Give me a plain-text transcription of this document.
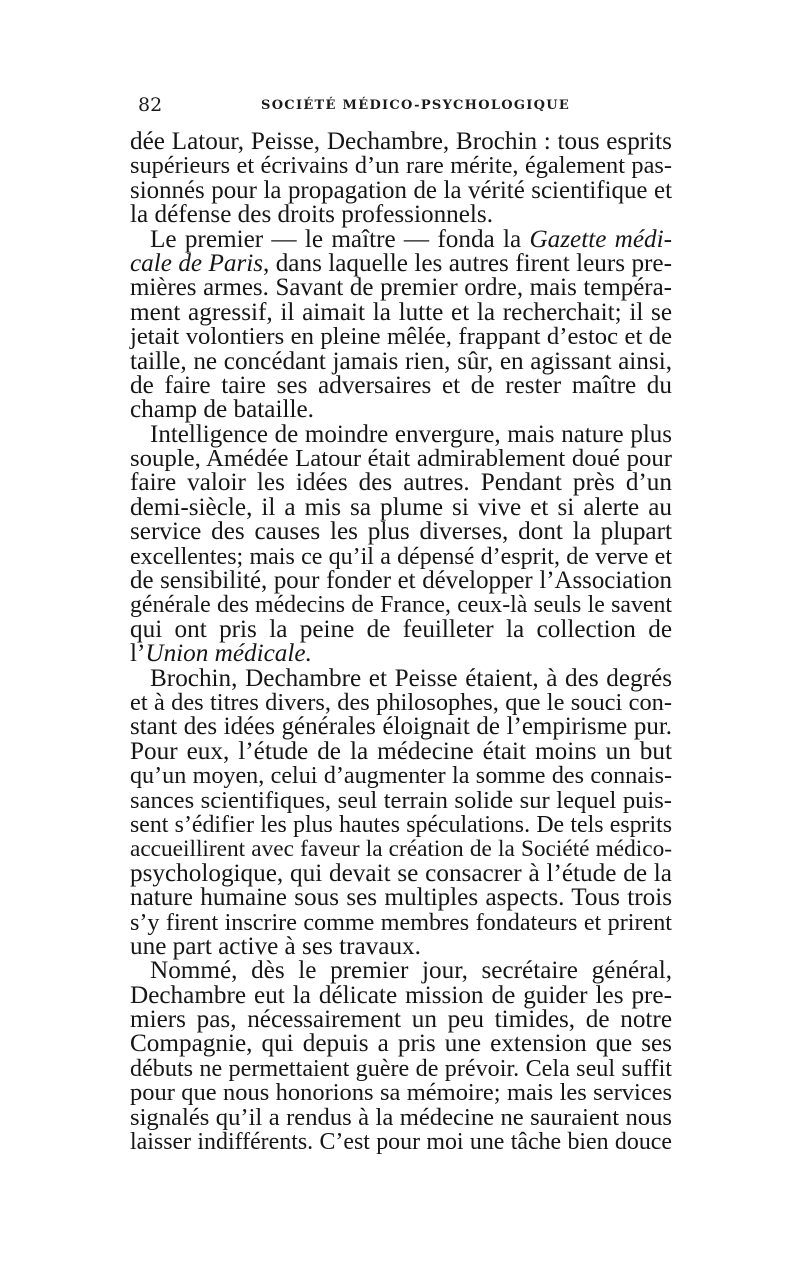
82	SOCIÉTÉ MÉDICO-PSYCHOLOGIQUE
dée Latour, Peisse, Dechambre, Brochin : tous esprits
supérieurs et écrivains d’un rare mérite, également pas-
sionnés pour la propagation de la vérité scientifique et
la défense des droits professionnels.
Le premier — le maître — fonda la Gazette médi-
cale de Paris, dans laquelle les autres firent leurs pre-
mières armes. Savant de premier ordre, mais tempéra-
ment agressif, il aimait la lutte et la recherchait; il se
jetait volontiers en pleine mêlée, frappant d’estoc et de
taille, ne concédant jamais rien, sûr, en agissant ainsi,
de faire taire ses adversaires et de rester maître du
champ de bataille.
Intelligence de moindre envergure, mais nature plus
souple, Amédée Latour était admirablement doué pour
faire valoir les idées des autres. Pendant près d’un
demi-siècle, il a mis sa plume si vive et si alerte au
service des causes les plus diverses, dont la plupart
excellentes; mais ce qu’il a dépensé d’esprit, de verve et
de sensibilité, pour fonder et développer l’Association
générale des médecins de France, ceux-là seuls le savent
qui ont pris la peine de feuilleter la collection de
l’Union médicale.
Brochin, Dechambre et Peisse étaient, à des degrés
et à des titres divers, des philosophes, que le souci con-
stant des idées générales éloignait de l’empirisme pur.
Pour eux, l’étude de la médecine était moins un but
qu’un moyen, celui d’augmenter la somme des connais-
sances scientifiques, seul terrain solide sur lequel puis-
sent s’édifier les plus hautes spéculations. De tels esprits
accueillirent avec faveur la création de la Société médico-
psychologique, qui devait se consacrer à l’étude de la
nature humaine sous ses multiples aspects. Tous trois
s’y firent inscrire comme membres fondateurs et prirent
une part active à ses travaux.
Nommé, dès le premier jour, secrétaire général,
Dechambre eut la délicate mission de guider les pre-
miers pas, nécessairement un peu timides, de notre
Compagnie, qui depuis a pris une extension que ses
débuts ne permettaient guère de prévoir. Cela seul suffit
pour que nous honorions sa mémoire; mais les services
signalés qu’il a rendus à la médecine ne sauraient nous
laisser indifférents. C’est pour moi une tâche bien douce
